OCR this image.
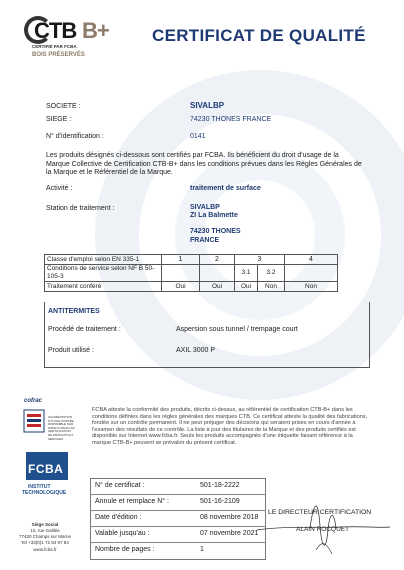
CTB B+
CERTIFIÉ PAR FCBA
BOIS PRÉSERVÉS
CERTIFICAT DE QUALITÉ
SOCIETE :	SIVALBP
SIEGE :	74230 THONES FRANCE
N° d'identification :	0141
Les produits désignés ci-dessous sont certifiés par FCBA. Ils bénéficient du droit d'usage de la Marque Collective de Certification CTB-B+ dans les conditions prévues dans les Règles Générales de la Marque et le Référentiel de la Marque.
Activité :	traitement de surface
Station de traitement :	SIVALBP
ZI La Balmette
74230 THONES
FRANCE
Classe d'emploi selon EN 335-1	1	2	3		4
Conditions de service selon NF B 50-105-3			3.1	3.2	
Traitement conféré	Oui	Oui	Oui	Non	Non
ANTITERMITES
Procédé de traitement :	Aspersion sous tunnel / trempage court
Produit utilisé :	AXIL 3000 P
FCBA atteste la conformité des produits, décrits ci-dessus, au référentiel de certification CTB-B+ dans les conditions définies dans les règles générales des marques CTB. Ce certificat atteste la qualité des fabrications, fondée sur un contrôle permanent. Il ne peut préjuger des décisions qui seraient prises en cours d'année à l'examen des résultats de ce contrôle. La liste à jour des titulaires de la Marque et des produits certifiés est disponible sur Internet www.fcba.fr. Seuls les produits accompagnés d'une étiquette faisant référence à la marque CTB-B+ peuvent se prévaloir du présent certificat.
cofrac
ACCRÉDITATION N°5-0011 PORTÉE DISPONIBLE SUR WWW.COFRAC.FR CERTIFICATION DE PRODUITS ET SERVICES
FCBA
INSTITUT
TECHNOLOGIQUE
Siège Social
10, rue Galilée
77420 Champs sur Marne
Tel +33(0)1 72 84 97 84
www.fcba.fr
N° de certificat :	501-18-2222
Annule et remplace N° :	501-16-2109
Date d'édition :	08 novembre 2018
Valable jusqu'au :	07 novembre 2021
Nombre de pages :	1
LE DIRECTEUR CERTIFICATION
ALAIN ROCQUET
